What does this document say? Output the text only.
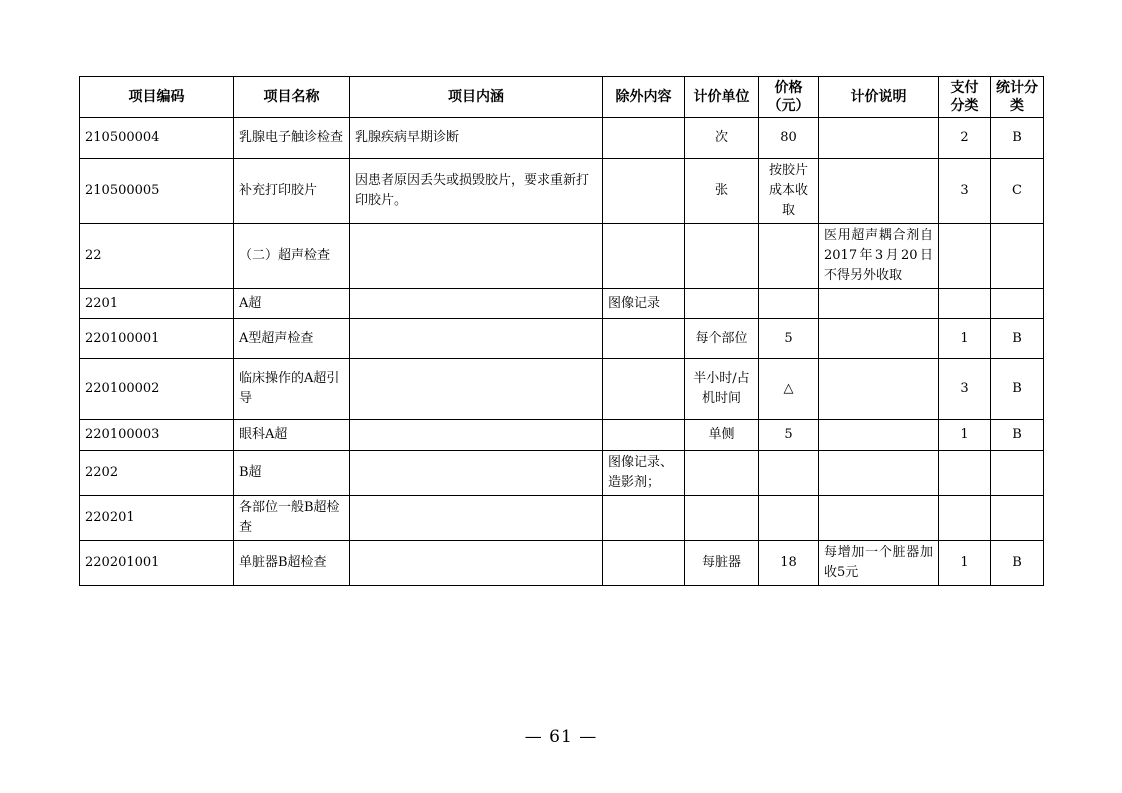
项目编码	项目名称	项目内涵	除外内容	计价单位	价格（元）	计价说明	支付分类	统计分类
210500004	乳腺电子触诊检查	乳腺疾病早期诊断		次	80		2	B
210500005	补充打印胶片	因患者原因丢失或损毁胶片，要求重新打印胶片。		张	按胶片成本收取		3	C
22	（二）超声检查					医用超声耦合剂自2017年3月20日不得另外收取		
2201	A超		图像记录					
220100001	A型超声检查			每个部位	5		1	B
220100002	临床操作的A超引导			半小时/占机时间	△		3	B
220100003	眼科A超			单侧	5		1	B
2202	B超		图像记录、造影剂；					
220201	各部位一般B超检查							
220201001	单脏器B超检查			每脏器	18	每增加一个脏器加收5元	1	B
— 61 —
